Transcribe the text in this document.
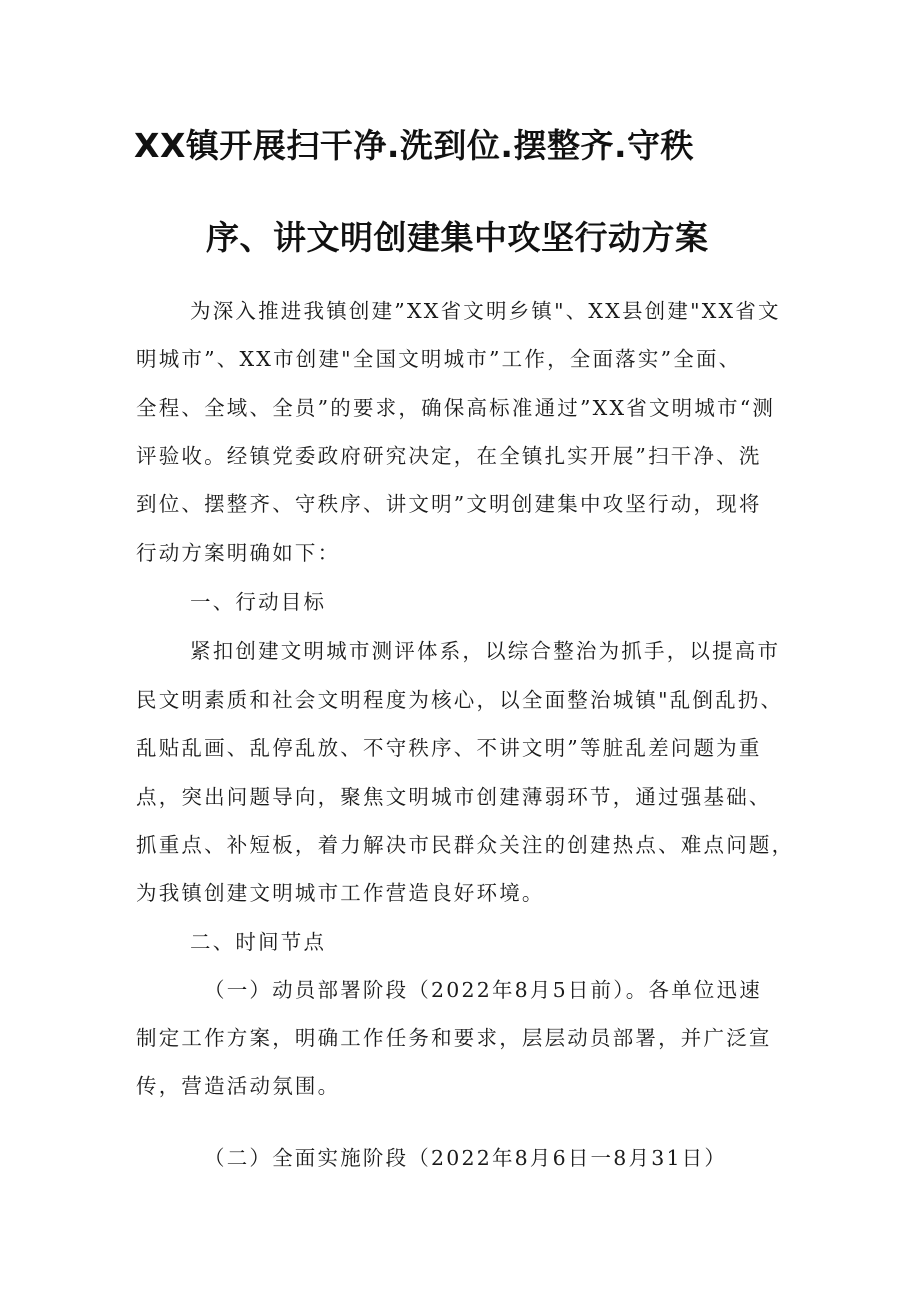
XX镇开展扫干净.洗到位.摆整齐.守秩
序、讲文明创建集中攻坚行动方案
为深入推进我镇创建”XX省文明乡镇"、XX县创建"XX省文
明城市”、XX市创建"全国文明城市”工作，全面落实”全面、
全程、全域、全员”的要求，确保高标准通过”XX省文明城市“测
评验收。经镇党委政府研究决定，在全镇扎实开展”扫干净、洗
到位、摆整齐、守秩序、讲文明”文明创建集中攻坚行动，现将
行动方案明确如下：
一、行动目标
紧扣创建文明城市测评体系，以综合整治为抓手，以提高市
民文明素质和社会文明程度为核心，以全面整治城镇"乱倒乱扔、
乱贴乱画、乱停乱放、不守秩序、不讲文明”等脏乱差问题为重
点，突出问题导向，聚焦文明城市创建薄弱环节，通过强基础、
抓重点、补短板，着力解决市民群众关注的创建热点、难点问题，
为我镇创建文明城市工作营造良好环境。
二、时间节点
（一）动员部署阶段（2022年8月5日前）。各单位迅速
制定工作方案，明确工作任务和要求，层层动员部署，并广泛宣
传，营造活动氛围。
（二）全面实施阶段（2022年8月6日一8月31日）
